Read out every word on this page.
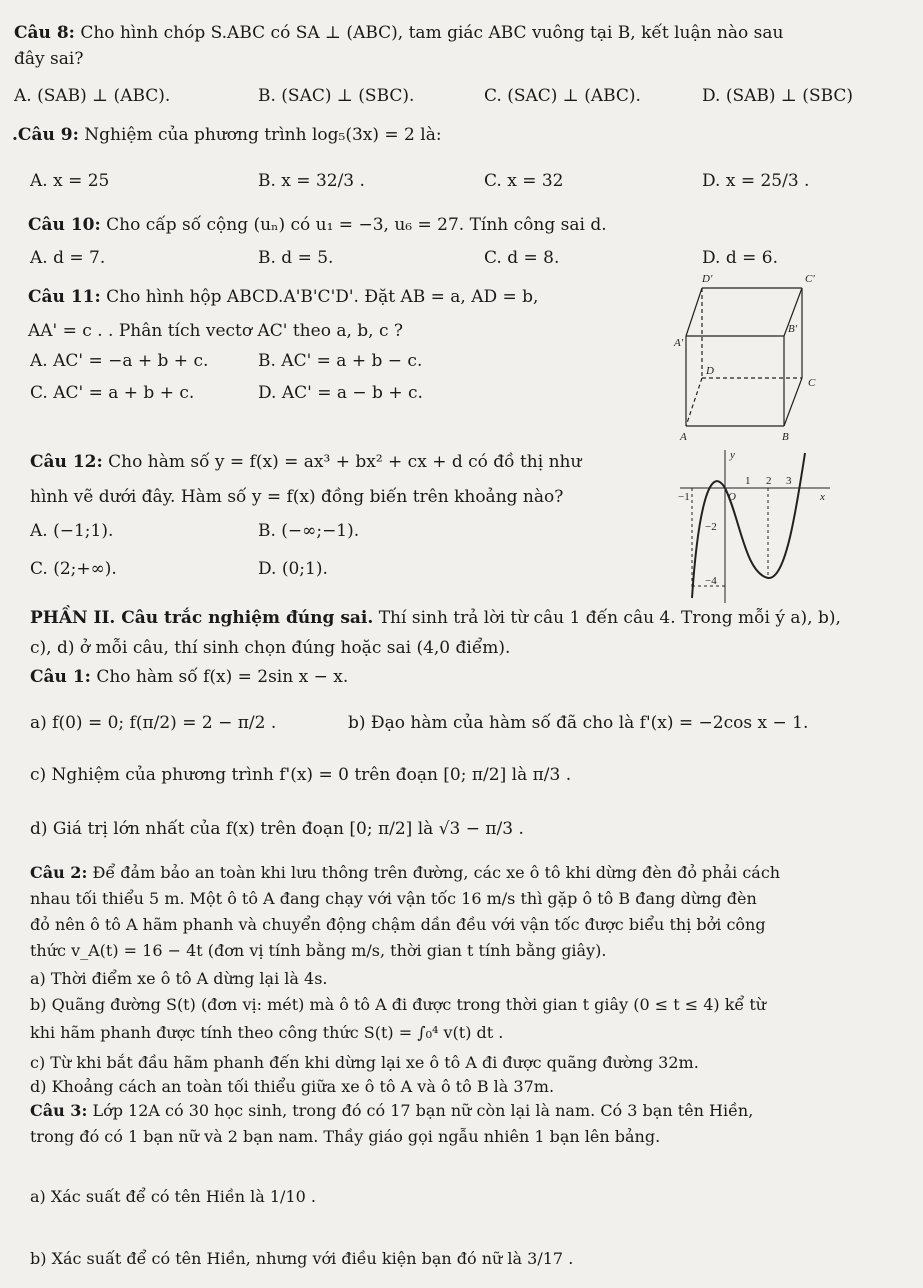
Câu 8: Cho hình chóp S.ABC có SA ⊥ (ABC), tam giác ABC vuông tại B, kết luận nào sau
đây sai?
A. (SAB) ⊥ (ABC).	B. (SAC) ⊥ (SBC).	C. (SAC) ⊥ (ABC).	D. (SAB) ⊥ (SBC)
.Câu 9: Nghiệm của phương trình log₅(3x) = 2 là:
A. x = 25	B. x = 32/3 .	C. x = 32	D. x = 25/3 .
Câu 10: Cho cấp số cộng (uₙ) có u₁ = −3, u₆ = 27. Tính công sai d.
A. d = 7.	B. d = 5.	C. d = 8.	D. d = 6.
Câu 11: Cho hình hộp ABCD.A'B'C'D'. Đặt AB = a, AD = b,
AA' = c . . Phân tích vectơ AC' theo a, b, c ?
A. AC' = −a + b + c.	B. AC' = a + b − c.
C. AC' = a + b + c.	D. AC' = a − b + c.
D'	C'
A'
B'
D
C
A	B
Câu 12: Cho hàm số y = f(x) = ax³ + bx² + cx + d có đồ thị như
hình vẽ dưới đây. Hàm số y = f(x) đồng biến trên khoảng nào?
A. (−1;1).	B. (−∞;−1).
C. (2;+∞).	D. (0;1).
y
x
O
1 2 3
−1
−2
−4
PHẦN II. Câu trắc nghiệm đúng sai. Thí sinh trả lời từ câu 1 đến câu 4. Trong mỗi ý a), b),
c), d) ở mỗi câu, thí sinh chọn đúng hoặc sai (4,0 điểm).
Câu 1: Cho hàm số f(x) = 2sin x − x.
a) f(0) = 0; f(π/2) = 2 − π/2 .	b) Đạo hàm của hàm số đã cho là f'(x) = −2cos x − 1.
c) Nghiệm của phương trình f'(x) = 0 trên đoạn [0; π/2] là π/3 .
d) Giá trị lớn nhất của f(x) trên đoạn [0; π/2] là √3 − π/3 .
Câu 2: Để đảm bảo an toàn khi lưu thông trên đường, các xe ô tô khi dừng đèn đỏ phải cách
nhau tối thiểu 5 m. Một ô tô A đang chạy với vận tốc 16 m/s thì gặp ô tô B đang dừng đèn
đỏ nên ô tô A hãm phanh và chuyển động chậm dần đều với vận tốc được biểu thị bởi công
thức v_A(t) = 16 − 4t (đơn vị tính bằng m/s, thời gian t tính bằng giây).
a) Thời điểm xe ô tô A dừng lại là 4s.
b) Quãng đường S(t) (đơn vị: mét) mà ô tô A đi được trong thời gian t giây (0 ≤ t ≤ 4) kể từ
khi hãm phanh được tính theo công thức S(t) = ∫₀⁴ v(t) dt .
c) Từ khi bắt đầu hãm phanh đến khi dừng lại xe ô tô A đi được quãng đường 32m.
d) Khoảng cách an toàn tối thiểu giữa xe ô tô A và ô tô B là 37m.
Câu 3: Lớp 12A có 30 học sinh, trong đó có 17 bạn nữ còn lại là nam. Có 3 bạn tên Hiền,
trong đó có 1 bạn nữ và 2 bạn nam. Thầy giáo gọi ngẫu nhiên 1 bạn lên bảng.
a) Xác suất để có tên Hiền là 1/10 .
b) Xác suất để có tên Hiền, nhưng với điều kiện bạn đó nữ là 3/17 .
